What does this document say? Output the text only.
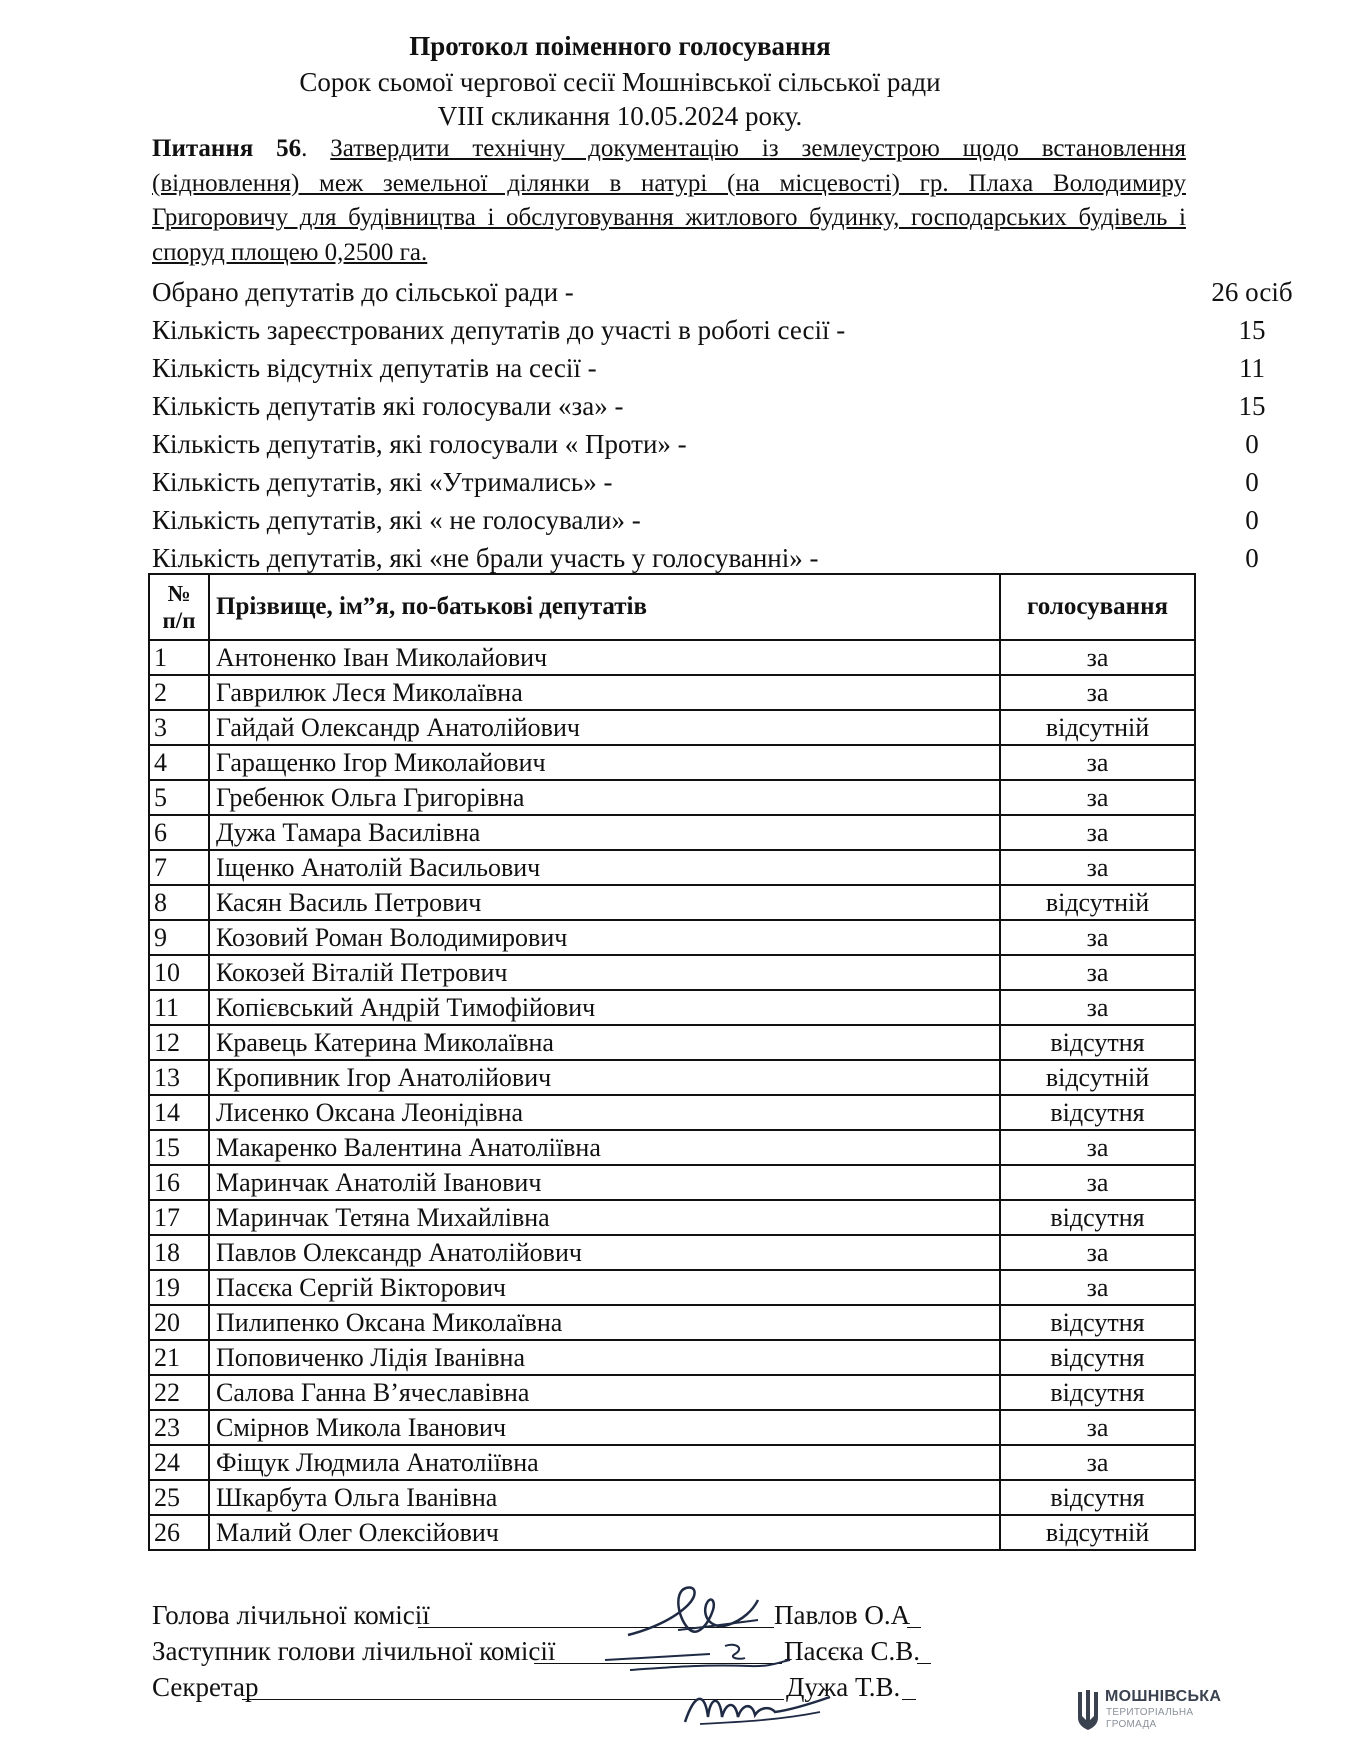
Протокол поіменного голосування
Сорок сьомої чергової сесії Мошнівської сільської ради
VIII скликання 10.05.2024 року.
Питання 56. Затвердити технічну документацію із землеустрою щодо встановлення (відновлення) меж земельної ділянки в натурі (на місцевості) гр. Плаха Володимиру Григоровичу для будівництва і обслуговування житлового будинку, господарських будівель і споруд площею 0,2500 га.
Обрано депутатів до сільської ради -	26 осіб
Кількість зареєстрованих депутатів до участі в роботі сесії -	15
Кількість відсутніх депутатів на сесії -	11
Кількість депутатів які голосували «за» -	15
Кількість депутатів, які голосували « Проти» -	0
Кількість депутатів, які «Утримались» -	0
Кількість депутатів, які « не голосували» -	0
Кількість депутатів, які «не брали участь у голосуванні» -	0
№
п/п	Прізвище, ім”я, по-батькові депутатів	голосування
1	Антоненко Іван Миколайович	за
2	Гаврилюк Леся Миколаївна	за
3	Гайдай Олександр Анатолійович	відсутній
4	Гаращенко Ігор Миколайович	за
5	Гребенюк Ольга Григорівна	за
6	Дужа Тамара Василівна	за
7	Іщенко Анатолій Васильович	за
8	Касян Василь Петрович	відсутній
9	Козовий Роман Володимирович	за
10	Кокозей Віталій Петрович	за
11	Копієвський Андрій Тимофійович	за
12	Кравець Катерина Миколаївна	відсутня
13	Кропивник Ігор Анатолійович	відсутній
14	Лисенко Оксана Леонідівна	відсутня
15	Макаренко Валентина Анатоліївна	за
16	Маринчак Анатолій Іванович	за
17	Маринчак Тетяна Михайлівна	відсутня
18	Павлов Олександр Анатолійович	за
19	Пасєка Сергій Вікторович	за
20	Пилипенко Оксана Миколаївна	відсутня
21	Поповиченко Лідія Іванівна	відсутня
22	Салова Ганна В’ячеславівна	відсутня
23	Смірнов Микола Іванович	за
24	Фіщук Людмила Анатоліївна	за
25	Шкарбута Ольга Іванівна	відсутня
26	Малий Олег Олексійович	відсутній
Голова лічильної комісії	Павлов О.А
Заступник голови лічильної комісії	Пасєка С.В.
Секретар	Дужа Т.В.	МОШНІВСЬКА
ТЕРИТОРІАЛЬНА
ГРОМАДА
